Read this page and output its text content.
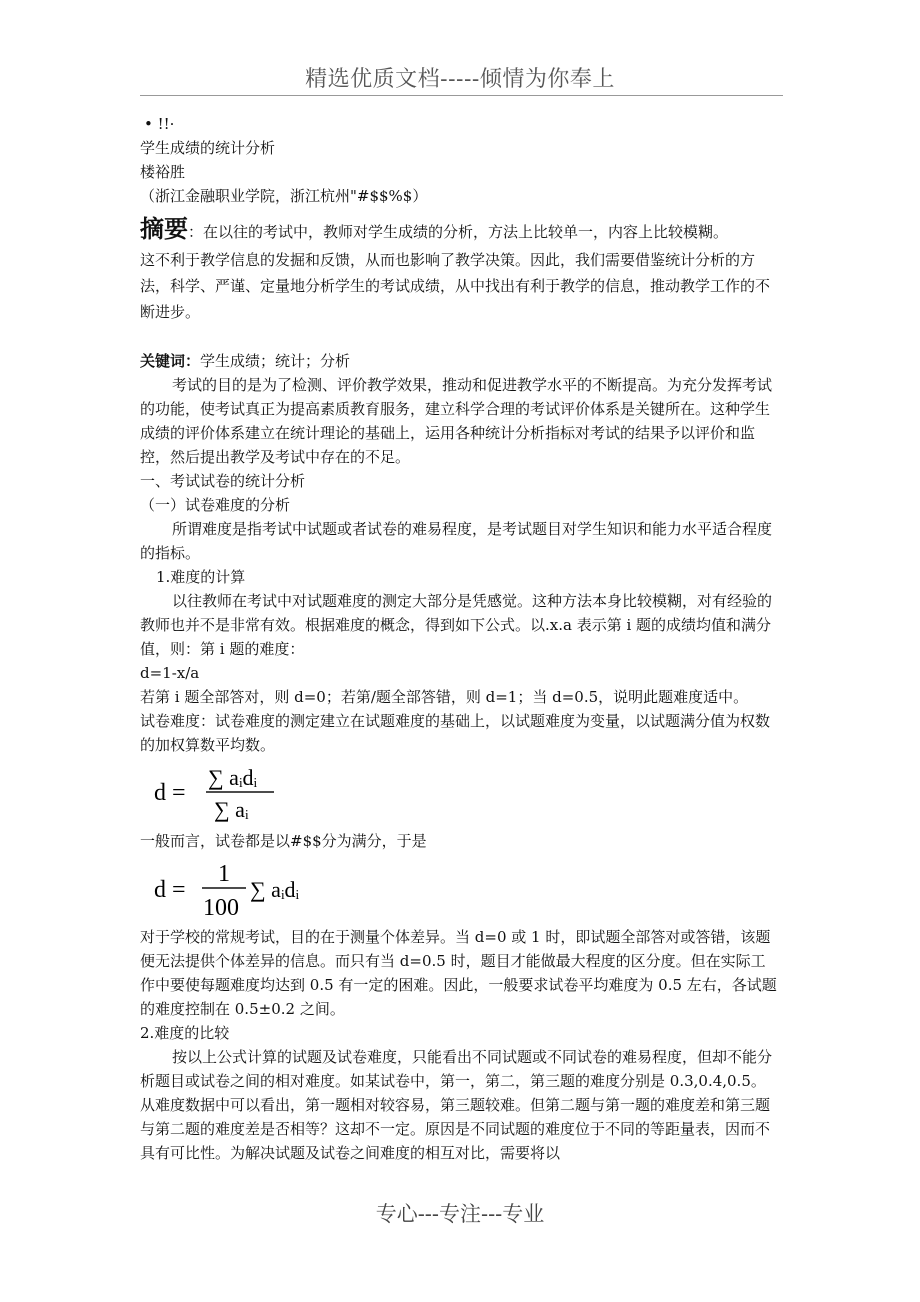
精选优质文档-----倾情为你奉上

• !!·

学生成绩的统计分析

楼裕胜

（浙江金融职业学院，浙江杭州"#$$%$）

摘要：在以往的考试中，教师对学生成绩的分析，方法上比较单一，内容上比较模糊。

这不利于教学信息的发掘和反馈，从而也影响了教学决策。因此，我们需要借鉴统计分析的方法，科学、严谨、定量地分析学生的考试成绩，从中找出有利于教学的信息，推动教学工作的不断进步。

关键词：学生成绩；统计；分析

考试的目的是为了检测、评价教学效果，推动和促进教学水平的不断提高。为充分发挥考试的功能，使考试真正为提高素质教育服务，建立科学合理的考试评价体系是关键所在。这种学生成绩的评价体系建立在统计理论的基础上，运用各种统计分析指标对考试的结果予以评价和监控，然后提出教学及考试中存在的不足。

一、考试试卷的统计分析

（一）试卷难度的分析

所谓难度是指考试中试题或者试卷的难易程度，是考试题目对学生知识和能力水平适合程度的指标。

1.难度的计算

以往教师在考试中对试题难度的测定大部分是凭感觉。这种方法本身比较模糊，对有经验的教师也并不是非常有效。根据难度的概念，得到如下公式。以.x.a 表示第 i 题的成绩均值和满分值，则：第 i 题的难度：

d=1-x/a

若第 i 题全部答对，则 d=0；若第/题全部答错，则 d=1；当 d=0.5，说明此题难度适中。

试卷难度：试卷难度的测定建立在试题难度的基础上，以试题难度为变量，以试题满分值为权数的加权算数平均数。

d =
∑ aᵢdᵢ
∑ aᵢ

一般而言，试卷都是以#$$分为满分，于是

d =
1
100
∑ aᵢdᵢ

对于学校的常规考试，目的在于测量个体差异。当 d=0 或 1 时，即试题全部答对或答错，该题便无法提供个体差异的信息。而只有当 d=0.5 时，题目才能做最大程度的区分度。但在实际工作中要使每题难度均达到 0.5 有一定的困难。因此，一般要求试卷平均难度为 0.5 左右，各试题的难度控制在 0.5±0.2 之间。

2.难度的比较

按以上公式计算的试题及试卷难度，只能看出不同试题或不同试卷的难易程度，但却不能分析题目或试卷之间的相对难度。如某试卷中，第一，第二，第三题的难度分别是 0.3,0.4,0.5。从难度数据中可以看出，第一题相对较容易，第三题较难。但第二题与第一题的难度差和第三题与第二题的难度差是否相等？这却不一定。原因是不同试题的难度位于不同的等距量表，因而不具有可比性。为解决试题及试卷之间难度的相互对比，需要将以

专心---专注---专业
